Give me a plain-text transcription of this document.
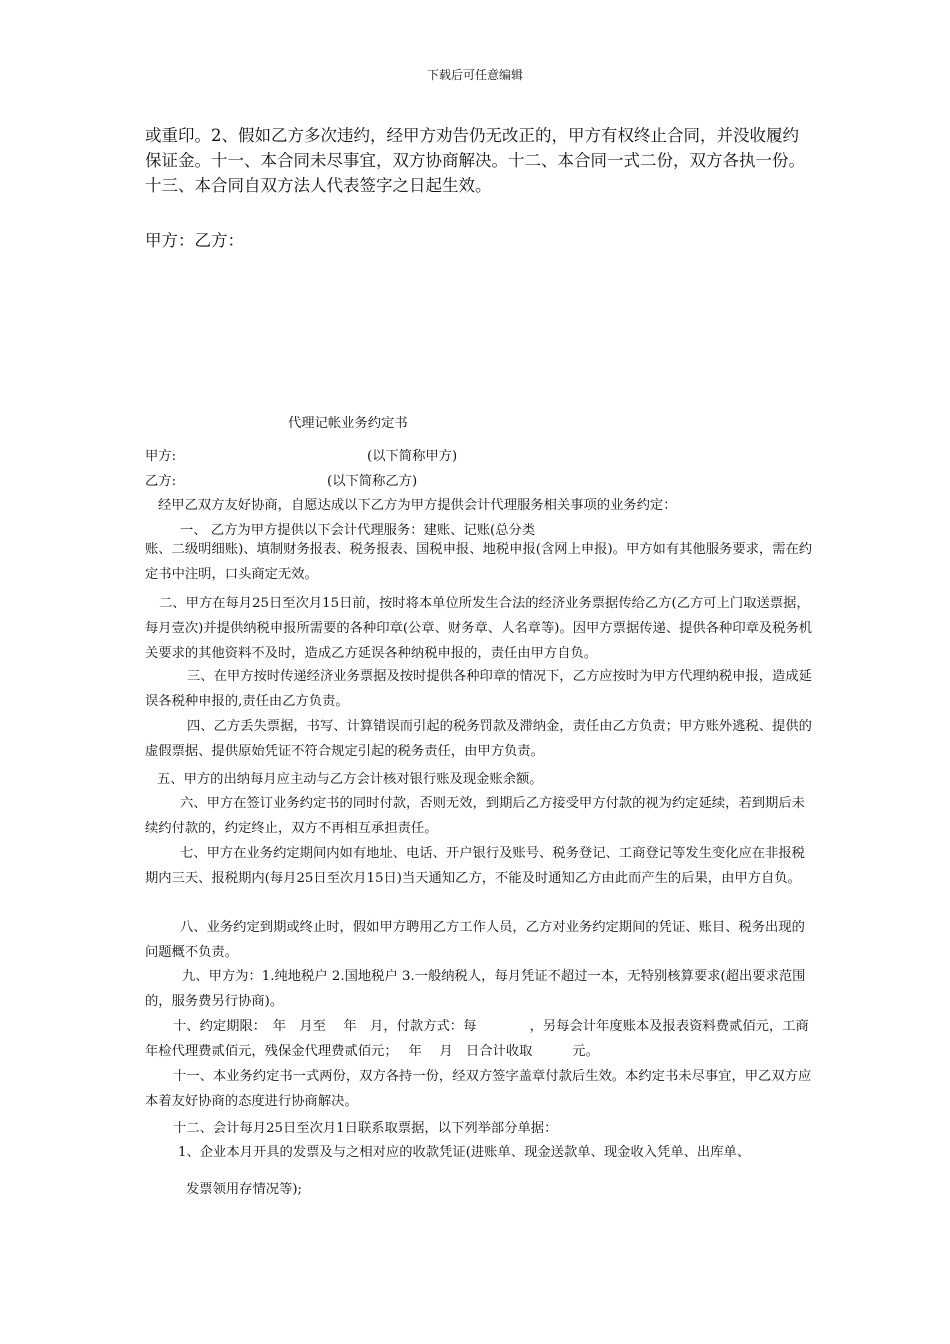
下载后可任意编辑

或重印。2、假如乙方多次违约，经甲方劝告仍无改正的，甲方有权终止合同，并没收履约保证金。十一、本合同未尽事宜，双方协商解决。十二、本合同一式二份，双方各执一份。十三、本合同自双方法人代表签字之日起生效。

甲方：乙方：
代理记帐业务约定书
甲方:	(以下简称甲方)
乙方:	(以下简称乙方)
经甲乙双方友好协商，自愿达成以下乙方为甲方提供会计代理服务相关事项的业务约定：
一、 乙方为甲方提供以下会计代理服务：建账、记账(总分类

账、二级明细账)、填制财务报表、税务报表、国税申报、地税申报(含网上申报)。甲方如有其他服务要求，需在约定书中注明，口头商定无效。

二、甲方在每月25日至次月15日前，按时将本单位所发生合法的经济业务票据传给乙方(乙方可上门取送票据，每月壹次)并提供纳税申报所需要的各种印章(公章、财务章、人名章等)。因甲方票据传递、提供各种印章及税务机关要求的其他资料不及时，造成乙方延误各种纳税申报的，责任由甲方自负。

三、在甲方按时传递经济业务票据及按时提供各种印章的情况下，乙方应按时为甲方代理纳税申报，造成延误各税种申报的,责任由乙方负责。

四、乙方丢失票据，书写、计算错误而引起的税务罚款及滞纳金，责任由乙方负责；甲方账外逃税、提供的虚假票据、提供原始凭证不符合规定引起的税务责任，由甲方负责。

五、甲方的出纳每月应主动与乙方会计核对银行账及现金账余额。

六、甲方在签订业务约定书的同时付款，否则无效，到期后乙方接受甲方付款的视为约定延续，若到期后未续约付款的，约定终止，双方不再相互承担责任。

七、甲方在业务约定期间内如有地址、电话、开户银行及账号、税务登记、工商登记等发生变化应在非报税期内三天、报税期内(每月25日至次月15日)当天通知乙方，不能及时通知乙方由此而产生的后果，由甲方自负。

八、业务约定到期或终止时，假如甲方聘用乙方工作人员，乙方对业务约定期间的凭证、账目、税务出现的问题概不负责。

九、甲方为：1.纯地税户 2.国地税户 3.一般纳税人，每月凭证不超过一本，无特别核算要求(超出要求范围的，服务费另行协商)。

十、约定期限：　年　月至　 年　月，付款方式：每　　　　，另每会计年度账本及报表资料费贰佰元，工商年检代理费贰佰元，残保金代理费贰佰元；　 年　 月　日合计收取　　　元。

十一、本业务约定书一式两份，双方各持一份，经双方签字盖章付款后生效。本约定书未尽事宜，甲乙双方应本着友好协商的态度进行协商解决。

十二、会计每月25日至次月1日联系取票据，以下列举部分单据：
1、企业本月开具的发票及与之相对应的收款凭证(进账单、现金送款单、现金收入凭单、出库单、
发票领用存情况等);
